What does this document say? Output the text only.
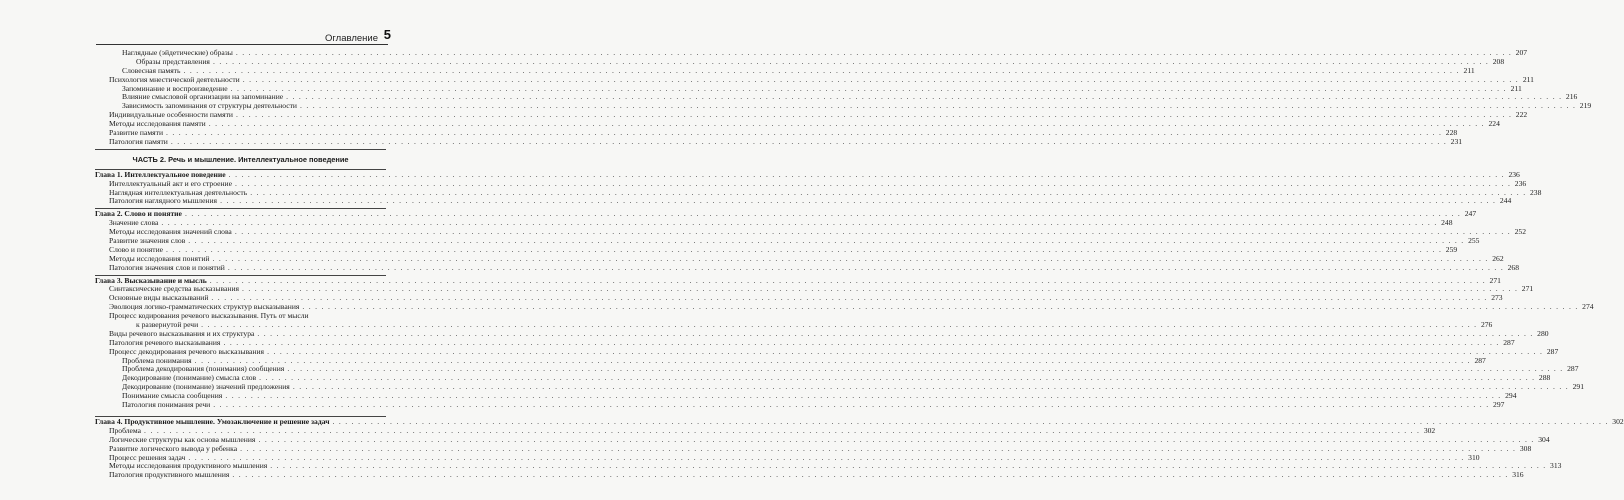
Оглавление 5
Наглядные (эйдетические) образы . . . . . . . . . . . . . . . . . . . . . . . . . . . . . . . . . . . . . . . . . . . . . . . . . . . . . . . . . . . . . . . . . . . . . . . . . . . . . . . . . . . . . . . . . . . . . . . . . . . . . . . . . . . . . . . . . . . . . . . . . . . . . . . . . . . . . . . . . . . . . . . . . . . . . . . . . . . . . . . . . . . . . . . . . . . . . . . . . . . . . . . . . . . . . . . . . . . . . . . . 207
Образы представления . . . . . . . . . . . . . . . . . . . . . . . . . . . . . . . . . . . . . . . . . . . . . . . . . . . . . . . . . . . . . . . . . . . . . . . . . . . . . . . . . . . . . . . . . . . . . . . . . . . . . . . . . . . . . . . . . . . . . . . . . . . . . . . . . . . . . . . . . . . . . . . . . . . . . . . . . . . . . . . . . . . . . . . . . . . . . . . . . . . . . . . . . . . . . . . . . . . . . . . . 208
Словесная память . . . . . . . . . . . . . . . . . . . . . . . . . . . . . . . . . . . . . . . . . . . . . . . . . . . . . . . . . . . . . . . . . . . . . . . . . . . . . . . . . . . . . . . . . . . . . . . . . . . . . . . . . . . . . . . . . . . . . . . . . . . . . . . . . . . . . . . . . . . . . . . . . . . . . . . . . . . . . . . . . . . . . . . . . . . . . . . . . . . . . . . . . . . . . . . . . . . . . . . . 211
Психология мнестической деятельности . . . . . . . . . . . . . . . . . . . . . . . . . . . . . . . . . . . . . . . . . . . . . . . . . . . . . . . . . . . . . . . . . . . . . . . . . . . . . . . . . . . . . . . . . . . . . . . . . . . . . . . . . . . . . . . . . . . . . . . . . . . . . . . . . . . . . . . . . . . . . . . . . . . . . . . . . . . . . . . . . . . . . . . . . . . . . . . . . . . . . . . . . . . . . . . . . . . . . . . . 211
Запоминание и воспроизведение . . . . . . . . . . . . . . . . . . . . . . . . . . . . . . . . . . . . . . . . . . . . . . . . . . . . . . . . . . . . . . . . . . . . . . . . . . . . . . . . . . . . . . . . . . . . . . . . . . . . . . . . . . . . . . . . . . . . . . . . . . . . . . . . . . . . . . . . . . . . . . . . . . . . . . . . . . . . . . . . . . . . . . . . . . . . . . . . . . . . . . . . . . . . . . . . . . . . . . . . 211
Влияние смысловой организации на запоминание . . . . . . . . . . . . . . . . . . . . . . . . . . . . . . . . . . . . . . . . . . . . . . . . . . . . . . . . . . . . . . . . . . . . . . . . . . . . . . . . . . . . . . . . . . . . . . . . . . . . . . . . . . . . . . . . . . . . . . . . . . . . . . . . . . . . . . . . . . . . . . . . . . . . . . . . . . . . . . . . . . . . . . . . . . . . . . . . . . . . . . . . . . . . . . . . . . . . . . . . 216
Зависимость запоминания от структуры деятельности . . . . . . . . . . . . . . . . . . . . . . . . . . . . . . . . . . . . . . . . . . . . . . . . . . . . . . . . . . . . . . . . . . . . . . . . . . . . . . . . . . . . . . . . . . . . . . . . . . . . . . . . . . . . . . . . . . . . . . . . . . . . . . . . . . . . . . . . . . . . . . . . . . . . . . . . . . . . . . . . . . . . . . . . . . . . . . . . . . . . . . . . . . . . . . . . . . . . . . . . 219
Индивидуальные особенности памяти . . . . . . . . . . . . . . . . . . . . . . . . . . . . . . . . . . . . . . . . . . . . . . . . . . . . . . . . . . . . . . . . . . . . . . . . . . . . . . . . . . . . . . . . . . . . . . . . . . . . . . . . . . . . . . . . . . . . . . . . . . . . . . . . . . . . . . . . . . . . . . . . . . . . . . . . . . . . . . . . . . . . . . . . . . . . . . . . . . . . . . . . . . . . . . . . . . . . . . . . 222
Методы исследования памяти . . . . . . . . . . . . . . . . . . . . . . . . . . . . . . . . . . . . . . . . . . . . . . . . . . . . . . . . . . . . . . . . . . . . . . . . . . . . . . . . . . . . . . . . . . . . . . . . . . . . . . . . . . . . . . . . . . . . . . . . . . . . . . . . . . . . . . . . . . . . . . . . . . . . . . . . . . . . . . . . . . . . . . . . . . . . . . . . . . . . . . . . . . . . . . . . . . . . . . . . 224
Развитие памяти . . . . . . . . . . . . . . . . . . . . . . . . . . . . . . . . . . . . . . . . . . . . . . . . . . . . . . . . . . . . . . . . . . . . . . . . . . . . . . . . . . . . . . . . . . . . . . . . . . . . . . . . . . . . . . . . . . . . . . . . . . . . . . . . . . . . . . . . . . . . . . . . . . . . . . . . . . . . . . . . . . . . . . . . . . . . . . . . . . . . . . . . . . . . . . . . . . . . . . . . 228
Патология памяти . . . . . . . . . . . . . . . . . . . . . . . . . . . . . . . . . . . . . . . . . . . . . . . . . . . . . . . . . . . . . . . . . . . . . . . . . . . . . . . . . . . . . . . . . . . . . . . . . . . . . . . . . . . . . . . . . . . . . . . . . . . . . . . . . . . . . . . . . . . . . . . . . . . . . . . . . . . . . . . . . . . . . . . . . . . . . . . . . . . . . . . . . . . . . . . . . . . . . . . . 231
ЧАСТЬ 2. Речь и мышление. Интеллектуальное поведение
Глава 1. Интеллектуальное поведение . . . . . . . . . . . . . . . . . . . . . . . . . . . . . . . . . . . . . . . . . . . . . . . . . . . . . . . . . . . . . . . . . . . . . . . . . . . . . . . . . . . . . . . . . . . . . . . . . . . . . . . . . . . . . . . . . . . . . . . . . . . . . . . . . . . . . . . . . . . . . . . . . . . . . . . . . . . . . . . . . . . . . . . . . . . . . . . . . . . . . . . . . . . . . . . . . . . . . . . . 236
Интеллектуальный акт и его строение . . . . . . . . . . . . . . . . . . . . . . . . . . . . . . . . . . . . . . . . . . . . . . . . . . . . . . . . . . . . . . . . . . . . . . . . . . . . . . . . . . . . . . . . . . . . . . . . . . . . . . . . . . . . . . . . . . . . . . . . . . . . . . . . . . . . . . . . . . . . . . . . . . . . . . . . . . . . . . . . . . . . . . . . . . . . . . . . . . . . . . . . . . . . . . . . . . . . . . . . 236
Наглядная интеллектуальная деятельность . . . . . . . . . . . . . . . . . . . . . . . . . . . . . . . . . . . . . . . . . . . . . . . . . . . . . . . . . . . . . . . . . . . . . . . . . . . . . . . . . . . . . . . . . . . . . . . . . . . . . . . . . . . . . . . . . . . . . . . . . . . . . . . . . . . . . . . . . . . . . . . . . . . . . . . . . . . . . . . . . . . . . . . . . . . . . . . . . . . . . . . . . . . . . . . . . . . . . . . . 238
Патология наглядного мышления . . . . . . . . . . . . . . . . . . . . . . . . . . . . . . . . . . . . . . . . . . . . . . . . . . . . . . . . . . . . . . . . . . . . . . . . . . . . . . . . . . . . . . . . . . . . . . . . . . . . . . . . . . . . . . . . . . . . . . . . . . . . . . . . . . . . . . . . . . . . . . . . . . . . . . . . . . . . . . . . . . . . . . . . . . . . . . . . . . . . . . . . . . . . . . . . . . . . . . . . 244
Глава 2. Слово и понятие . . . . . . . . . . . . . . . . . . . . . . . . . . . . . . . . . . . . . . . . . . . . . . . . . . . . . . . . . . . . . . . . . . . . . . . . . . . . . . . . . . . . . . . . . . . . . . . . . . . . . . . . . . . . . . . . . . . . . . . . . . . . . . . . . . . . . . . . . . . . . . . . . . . . . . . . . . . . . . . . . . . . . . . . . . . . . . . . . . . . . . . . . . . . . . . . . . . . . . . . 247
Значение слова . . . . . . . . . . . . . . . . . . . . . . . . . . . . . . . . . . . . . . . . . . . . . . . . . . . . . . . . . . . . . . . . . . . . . . . . . . . . . . . . . . . . . . . . . . . . . . . . . . . . . . . . . . . . . . . . . . . . . . . . . . . . . . . . . . . . . . . . . . . . . . . . . . . . . . . . . . . . . . . . . . . . . . . . . . . . . . . . . . . . . . . . . . . . . . . . . . . . . . . . 248
Методы исследования значений слова . . . . . . . . . . . . . . . . . . . . . . . . . . . . . . . . . . . . . . . . . . . . . . . . . . . . . . . . . . . . . . . . . . . . . . . . . . . . . . . . . . . . . . . . . . . . . . . . . . . . . . . . . . . . . . . . . . . . . . . . . . . . . . . . . . . . . . . . . . . . . . . . . . . . . . . . . . . . . . . . . . . . . . . . . . . . . . . . . . . . . . . . . . . . . . . . . . . . . . . . 252
Развитие значения слов . . . . . . . . . . . . . . . . . . . . . . . . . . . . . . . . . . . . . . . . . . . . . . . . . . . . . . . . . . . . . . . . . . . . . . . . . . . . . . . . . . . . . . . . . . . . . . . . . . . . . . . . . . . . . . . . . . . . . . . . . . . . . . . . . . . . . . . . . . . . . . . . . . . . . . . . . . . . . . . . . . . . . . . . . . . . . . . . . . . . . . . . . . . . . . . . . . . . . . . . 255
Слово и понятие . . . . . . . . . . . . . . . . . . . . . . . . . . . . . . . . . . . . . . . . . . . . . . . . . . . . . . . . . . . . . . . . . . . . . . . . . . . . . . . . . . . . . . . . . . . . . . . . . . . . . . . . . . . . . . . . . . . . . . . . . . . . . . . . . . . . . . . . . . . . . . . . . . . . . . . . . . . . . . . . . . . . . . . . . . . . . . . . . . . . . . . . . . . . . . . . . . . . . . . . 259
Методы исследования понятий . . . . . . . . . . . . . . . . . . . . . . . . . . . . . . . . . . . . . . . . . . . . . . . . . . . . . . . . . . . . . . . . . . . . . . . . . . . . . . . . . . . . . . . . . . . . . . . . . . . . . . . . . . . . . . . . . . . . . . . . . . . . . . . . . . . . . . . . . . . . . . . . . . . . . . . . . . . . . . . . . . . . . . . . . . . . . . . . . . . . . . . . . . . . . . . . . . . . . . . . 262
Патология значения слов и понятий . . . . . . . . . . . . . . . . . . . . . . . . . . . . . . . . . . . . . . . . . . . . . . . . . . . . . . . . . . . . . . . . . . . . . . . . . . . . . . . . . . . . . . . . . . . . . . . . . . . . . . . . . . . . . . . . . . . . . . . . . . . . . . . . . . . . . . . . . . . . . . . . . . . . . . . . . . . . . . . . . . . . . . . . . . . . . . . . . . . . . . . . . . . . . . . . . . . . . . . . 268
Глава 3. Высказывание и мысль . . . . . . . . . . . . . . . . . . . . . . . . . . . . . . . . . . . . . . . . . . . . . . . . . . . . . . . . . . . . . . . . . . . . . . . . . . . . . . . . . . . . . . . . . . . . . . . . . . . . . . . . . . . . . . . . . . . . . . . . . . . . . . . . . . . . . . . . . . . . . . . . . . . . . . . . . . . . . . . . . . . . . . . . . . . . . . . . . . . . . . . . . . . . . . . . . . . . . . . . 271
Синтаксические средства высказывания . . . . . . . . . . . . . . . . . . . . . . . . . . . . . . . . . . . . . . . . . . . . . . . . . . . . . . . . . . . . . . . . . . . . . . . . . . . . . . . . . . . . . . . . . . . . . . . . . . . . . . . . . . . . . . . . . . . . . . . . . . . . . . . . . . . . . . . . . . . . . . . . . . . . . . . . . . . . . . . . . . . . . . . . . . . . . . . . . . . . . . . . . . . . . . . . . . . . . . . . 271
Основные виды высказываний . . . . . . . . . . . . . . . . . . . . . . . . . . . . . . . . . . . . . . . . . . . . . . . . . . . . . . . . . . . . . . . . . . . . . . . . . . . . . . . . . . . . . . . . . . . . . . . . . . . . . . . . . . . . . . . . . . . . . . . . . . . . . . . . . . . . . . . . . . . . . . . . . . . . . . . . . . . . . . . . . . . . . . . . . . . . . . . . . . . . . . . . . . . . . . . . . . . . . . . . 273
Эволюция логико-грамматических структур высказывания . . . . . . . . . . . . . . . . . . . . . . . . . . . . . . . . . . . . . . . . . . . . . . . . . . . . . . . . . . . . . . . . . . . . . . . . . . . . . . . . . . . . . . . . . . . . . . . . . . . . . . . . . . . . . . . . . . . . . . . . . . . . . . . . . . . . . . . . . . . . . . . . . . . . . . . . . . . . . . . . . . . . . . . . . . . . . . . . . . . . . . . . . . . . . . . . . . . . . . . . 274
Процесс кодирования речевого высказывания. Путь от мысли
к развернутой речи . . . . . . . . . . . . . . . . . . . . . . . . . . . . . . . . . . . . . . . . . . . . . . . . . . . . . . . . . . . . . . . . . . . . . . . . . . . . . . . . . . . . . . . . . . . . . . . . . . . . . . . . . . . . . . . . . . . . . . . . . . . . . . . . . . . . . . . . . . . . . . . . . . . . . . . . . . . . . . . . . . . . . . . . . . . . . . . . . . . . . . . . . . . . . . . . . . . . . . . . 276
Виды речевого высказывания и их структура . . . . . . . . . . . . . . . . . . . . . . . . . . . . . . . . . . . . . . . . . . . . . . . . . . . . . . . . . . . . . . . . . . . . . . . . . . . . . . . . . . . . . . . . . . . . . . . . . . . . . . . . . . . . . . . . . . . . . . . . . . . . . . . . . . . . . . . . . . . . . . . . . . . . . . . . . . . . . . . . . . . . . . . . . . . . . . . . . . . . . . . . . . . . . . . . . . . . . . . . 280
Патология речевого высказывания . . . . . . . . . . . . . . . . . . . . . . . . . . . . . . . . . . . . . . . . . . . . . . . . . . . . . . . . . . . . . . . . . . . . . . . . . . . . . . . . . . . . . . . . . . . . . . . . . . . . . . . . . . . . . . . . . . . . . . . . . . . . . . . . . . . . . . . . . . . . . . . . . . . . . . . . . . . . . . . . . . . . . . . . . . . . . . . . . . . . . . . . . . . . . . . . . . . . . . . . 287
Процесс декодирования речевого высказывания . . . . . . . . . . . . . . . . . . . . . . . . . . . . . . . . . . . . . . . . . . . . . . . . . . . . . . . . . . . . . . . . . . . . . . . . . . . . . . . . . . . . . . . . . . . . . . . . . . . . . . . . . . . . . . . . . . . . . . . . . . . . . . . . . . . . . . . . . . . . . . . . . . . . . . . . . . . . . . . . . . . . . . . . . . . . . . . . . . . . . . . . . . . . . . . . . . . . . . . . 287
Проблема понимания . . . . . . . . . . . . . . . . . . . . . . . . . . . . . . . . . . . . . . . . . . . . . . . . . . . . . . . . . . . . . . . . . . . . . . . . . . . . . . . . . . . . . . . . . . . . . . . . . . . . . . . . . . . . . . . . . . . . . . . . . . . . . . . . . . . . . . . . . . . . . . . . . . . . . . . . . . . . . . . . . . . . . . . . . . . . . . . . . . . . . . . . . . . . . . . . . . . . . . . . 287
Проблема декодирования (понимания) сообщения . . . . . . . . . . . . . . . . . . . . . . . . . . . . . . . . . . . . . . . . . . . . . . . . . . . . . . . . . . . . . . . . . . . . . . . . . . . . . . . . . . . . . . . . . . . . . . . . . . . . . . . . . . . . . . . . . . . . . . . . . . . . . . . . . . . . . . . . . . . . . . . . . . . . . . . . . . . . . . . . . . . . . . . . . . . . . . . . . . . . . . . . . . . . . . . . . . . . . . . . 287
Декодирование (понимание) смысла слов . . . . . . . . . . . . . . . . . . . . . . . . . . . . . . . . . . . . . . . . . . . . . . . . . . . . . . . . . . . . . . . . . . . . . . . . . . . . . . . . . . . . . . . . . . . . . . . . . . . . . . . . . . . . . . . . . . . . . . . . . . . . . . . . . . . . . . . . . . . . . . . . . . . . . . . . . . . . . . . . . . . . . . . . . . . . . . . . . . . . . . . . . . . . . . . . . . . . . . . . 288
Декодирование (понимание) значений предложения . . . . . . . . . . . . . . . . . . . . . . . . . . . . . . . . . . . . . . . . . . . . . . . . . . . . . . . . . . . . . . . . . . . . . . . . . . . . . . . . . . . . . . . . . . . . . . . . . . . . . . . . . . . . . . . . . . . . . . . . . . . . . . . . . . . . . . . . . . . . . . . . . . . . . . . . . . . . . . . . . . . . . . . . . . . . . . . . . . . . . . . . . . . . . . . . . . . . . . . . 291
Понимание смысла сообщения . . . . . . . . . . . . . . . . . . . . . . . . . . . . . . . . . . . . . . . . . . . . . . . . . . . . . . . . . . . . . . . . . . . . . . . . . . . . . . . . . . . . . . . . . . . . . . . . . . . . . . . . . . . . . . . . . . . . . . . . . . . . . . . . . . . . . . . . . . . . . . . . . . . . . . . . . . . . . . . . . . . . . . . . . . . . . . . . . . . . . . . . . . . . . . . . . . . . . . . . 294
Патология понимания речи . . . . . . . . . . . . . . . . . . . . . . . . . . . . . . . . . . . . . . . . . . . . . . . . . . . . . . . . . . . . . . . . . . . . . . . . . . . . . . . . . . . . . . . . . . . . . . . . . . . . . . . . . . . . . . . . . . . . . . . . . . . . . . . . . . . . . . . . . . . . . . . . . . . . . . . . . . . . . . . . . . . . . . . . . . . . . . . . . . . . . . . . . . . . . . . . . . . . . . . . 297
Глава 4. Продуктивное мышление. Умозаключение и решение задач . . . . . . . . . . . . . . . . . . . . . . . . . . . . . . . . . . . . . . . . . . . . . . . . . . . . . . . . . . . . . . . . . . . . . . . . . . . . . . . . . . . . . . . . . . . . . . . . . . . . . . . . . . . . . . . . . . . . . . . . . . . . . . . . . . . . . . . . . . . . . . . . . . . . . . . . . . . . . . . . . . . . . . . . . . . . . . . . . . . . . . . . . . . . . . . . . . . . . . . . 302
Проблема . . . . . . . . . . . . . . . . . . . . . . . . . . . . . . . . . . . . . . . . . . . . . . . . . . . . . . . . . . . . . . . . . . . . . . . . . . . . . . . . . . . . . . . . . . . . . . . . . . . . . . . . . . . . . . . . . . . . . . . . . . . . . . . . . . . . . . . . . . . . . . . . . . . . . . . . . . . . . . . . . . . . . . . . . . . . . . . . . . . . . . . . . . . . . . . . . . . . . . . . 302
Логические структуры как основа мышления . . . . . . . . . . . . . . . . . . . . . . . . . . . . . . . . . . . . . . . . . . . . . . . . . . . . . . . . . . . . . . . . . . . . . . . . . . . . . . . . . . . . . . . . . . . . . . . . . . . . . . . . . . . . . . . . . . . . . . . . . . . . . . . . . . . . . . . . . . . . . . . . . . . . . . . . . . . . . . . . . . . . . . . . . . . . . . . . . . . . . . . . . . . . . . . . . . . . . . . . 304
Развитие логического вывода у ребенка . . . . . . . . . . . . . . . . . . . . . . . . . . . . . . . . . . . . . . . . . . . . . . . . . . . . . . . . . . . . . . . . . . . . . . . . . . . . . . . . . . . . . . . . . . . . . . . . . . . . . . . . . . . . . . . . . . . . . . . . . . . . . . . . . . . . . . . . . . . . . . . . . . . . . . . . . . . . . . . . . . . . . . . . . . . . . . . . . . . . . . . . . . . . . . . . . . . . . . . . 308
Процесс решения задач . . . . . . . . . . . . . . . . . . . . . . . . . . . . . . . . . . . . . . . . . . . . . . . . . . . . . . . . . . . . . . . . . . . . . . . . . . . . . . . . . . . . . . . . . . . . . . . . . . . . . . . . . . . . . . . . . . . . . . . . . . . . . . . . . . . . . . . . . . . . . . . . . . . . . . . . . . . . . . . . . . . . . . . . . . . . . . . . . . . . . . . . . . . . . . . . . . . . . . . . 310
Методы исследования продуктивного мышления . . . . . . . . . . . . . . . . . . . . . . . . . . . . . . . . . . . . . . . . . . . . . . . . . . . . . . . . . . . . . . . . . . . . . . . . . . . . . . . . . . . . . . . . . . . . . . . . . . . . . . . . . . . . . . . . . . . . . . . . . . . . . . . . . . . . . . . . . . . . . . . . . . . . . . . . . . . . . . . . . . . . . . . . . . . . . . . . . . . . . . . . . . . . . . . . . . . . . . . . 313
Патология продуктивного мышления . . . . . . . . . . . . . . . . . . . . . . . . . . . . . . . . . . . . . . . . . . . . . . . . . . . . . . . . . . . . . . . . . . . . . . . . . . . . . . . . . . . . . . . . . . . . . . . . . . . . . . . . . . . . . . . . . . . . . . . . . . . . . . . . . . . . . . . . . . . . . . . . . . . . . . . . . . . . . . . . . . . . . . . . . . . . . . . . . . . . . . . . . . . . . . . . . . . . . . . . 316
